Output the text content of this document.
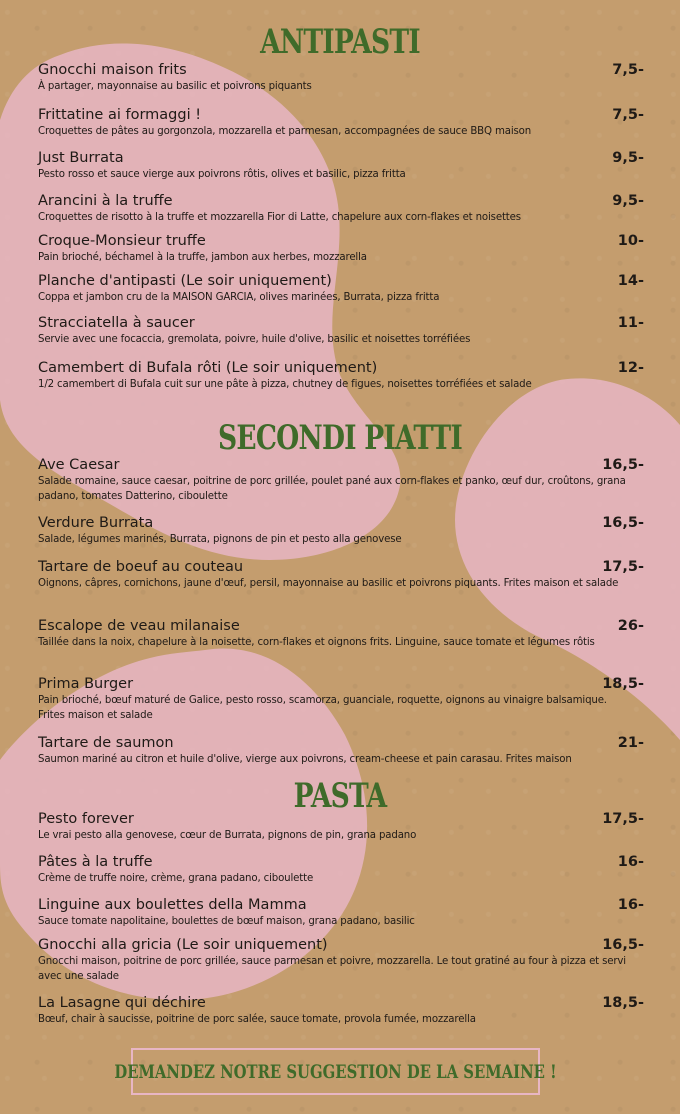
ANTIPASTI
Gnocchi maison frits	7,5-
À partager, mayonnaise au basilic et poivrons piquants
Frittatine ai formaggi !	7,5-
Croquettes de pâtes au gorgonzola, mozzarella et parmesan, accompagnées de sauce BBQ maison
Just Burrata	9,5-
Pesto rosso et sauce vierge aux poivrons rôtis, olives et basilic, pizza fritta
Arancini à la truffe	9,5-
Croquettes de risotto à la truffe et mozzarella Fior di Latte, chapelure aux corn-flakes et noisettes
Croque-Monsieur truffe	10-
Pain brioché, béchamel à la truffe, jambon aux herbes, mozzarella
Planche d'antipasti (Le soir uniquement)	14-
Coppa et jambon cru de la MAISON GARCIA, olives marinées, Burrata, pizza fritta
Stracciatella à saucer	11-
Servie avec une focaccia, gremolata, poivre, huile d'olive, basilic et noisettes torréfiées
Camembert di Bufala rôti (Le soir uniquement)	12-
1/2 camembert di Bufala cuit sur une pâte à pizza, chutney de figues, noisettes torréfiées et salade
SECONDI PIATTI
Ave Caesar	16,5-
Salade romaine, sauce caesar, poitrine de porc grillée, poulet pané aux corn-flakes et panko, œuf dur, croûtons, grana padano, tomates Datterino, ciboulette
Verdure Burrata	16,5-
Salade, légumes marinés, Burrata, pignons de pin et pesto alla genovese
Tartare de boeuf au couteau	17,5-
Oignons, câpres, cornichons, jaune d'œuf, persil, mayonnaise au basilic et poivrons piquants. Frites maison et salade
Escalope de veau milanaise	26-
Taillée dans la noix, chapelure à la noisette, corn-flakes et oignons frits. Linguine, sauce tomate et légumes rôtis
Prima Burger	18,5-
Pain brioché, bœuf maturé de Galice, pesto rosso, scamorza, guanciale, roquette, oignons au vinaigre balsamique. Frites maison et salade
Tartare de saumon	21-
Saumon mariné au citron et huile d'olive, vierge aux poivrons, cream-cheese et pain carasau. Frites maison
PASTA
Pesto forever	17,5-
Le vrai pesto alla genovese, cœur de Burrata, pignons de pin, grana padano
Pâtes à la truffe	16-
Crème de truffe noire, crème, grana padano, ciboulette
Linguine aux boulettes della Mamma	16-
Sauce tomate napolitaine, boulettes de bœuf maison, grana padano, basilic
Gnocchi alla gricia (Le soir uniquement)	16,5-
Gnocchi maison, poitrine de porc grillée, sauce parmesan et poivre, mozzarella. Le tout gratiné au four à pizza et servi avec une salade
La Lasagne qui déchire	18,5-
Bœuf, chair à saucisse, poitrine de porc salée, sauce tomate, provola fumée, mozzarella
DEMANDEZ NOTRE SUGGESTION DE LA SEMAINE !
